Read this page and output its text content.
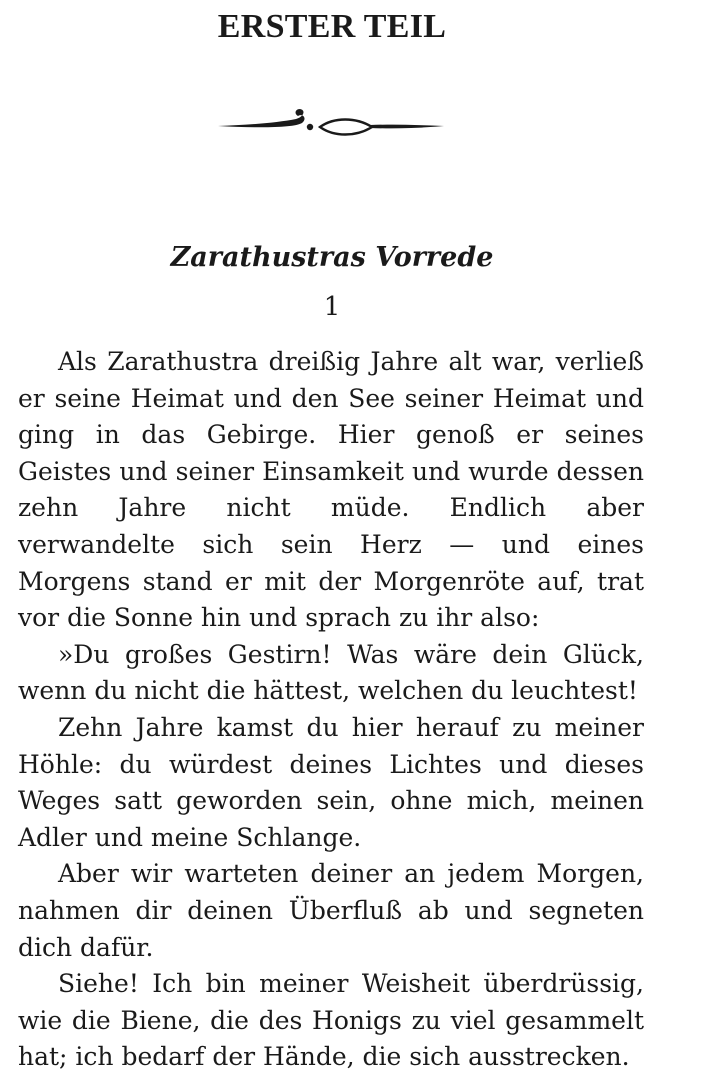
ERSTER TEIL
Zarathustras Vorrede
1

Als Zarathustra dreißig Jahre alt war, verließ er seine Heimat und den See seiner Heimat und ging in das Gebirge. Hier genoß er seines Geistes und seiner Einsamkeit und wurde dessen zehn Jahre nicht müde. Endlich aber verwandelte sich sein Herz — und eines Morgens stand er mit der Morgenröte auf, trat vor die Sonne hin und sprach zu ihr also:

»Du großes Gestirn! Was wäre dein Glück, wenn du nicht die hättest, welchen du leuchtest!

Zehn Jahre kamst du hier herauf zu meiner Höhle: du würdest deines Lichtes und dieses Weges satt geworden sein, ohne mich, meinen Adler und meine Schlange.

Aber wir warteten deiner an jedem Morgen, nahmen dir deinen Überfluß ab und segneten dich dafür.

Siehe! Ich bin meiner Weisheit überdrüssig, wie die Biene, die des Honigs zu viel gesammelt hat; ich bedarf der Hände, die sich ausstrecken.
